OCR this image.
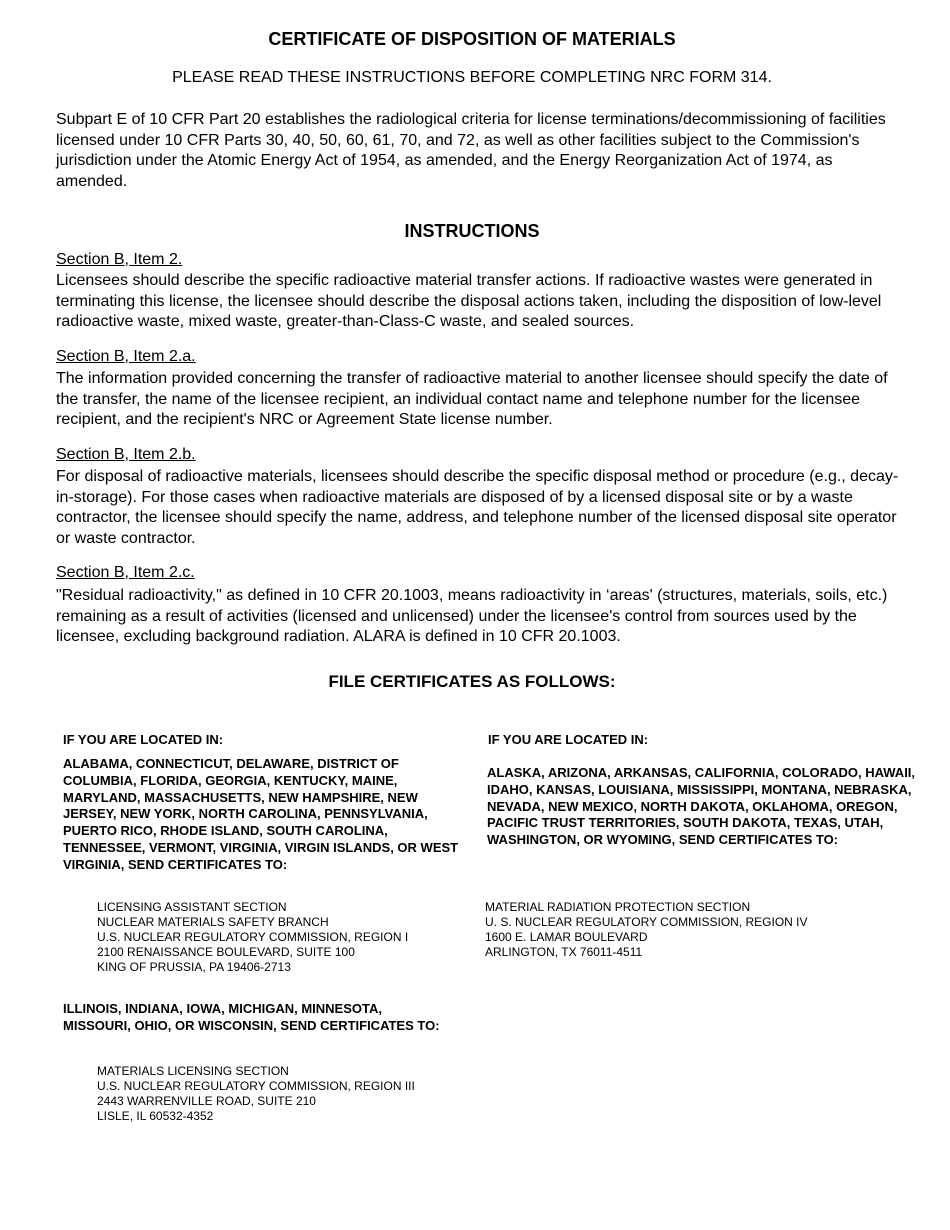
CERTIFICATE OF DISPOSITION OF MATERIALS
PLEASE READ THESE INSTRUCTIONS BEFORE COMPLETING NRC FORM 314.
Subpart E of 10 CFR Part 20 establishes the radiological criteria for license terminations/decommissioning of facilities licensed under 10 CFR Parts 30, 40, 50, 60, 61, 70, and 72, as well as other facilities subject to the Commission's jurisdiction under the Atomic Energy Act of 1954, as amended, and the Energy Reorganization Act of 1974, as amended.
INSTRUCTIONS
Section B, Item 2.
Licensees should describe the specific radioactive material transfer actions. If radioactive wastes were generated in terminating this license, the licensee should describe the disposal actions taken, including the disposition of low-level radioactive waste, mixed waste, greater-than-Class-C waste, and sealed sources.
Section B, Item 2.a.
The information provided concerning the transfer of radioactive material to another licensee should specify the date of the transfer, the name of the licensee recipient, an individual contact name and telephone number for the licensee recipient, and the recipient's NRC or Agreement State license number.
Section B, Item 2.b.
For disposal of radioactive materials, licensees should describe the specific disposal method or procedure (e.g., decay-in-storage). For those cases when radioactive materials are disposed of by a licensed disposal site or by a waste contractor, the licensee should specify the name, address, and telephone number of the licensed disposal site operator or waste contractor.
Section B, Item 2.c.
"Residual radioactivity," as defined in 10 CFR 20.1003, means radioactivity in ‘areas' (structures, materials, soils, etc.) remaining as a result of activities (licensed and unlicensed) under the licensee's control from sources used by the licensee, excluding background radiation. ALARA is defined in 10 CFR 20.1003.
FILE CERTIFICATES AS FOLLOWS:
IF YOU ARE LOCATED IN:
ALABAMA, CONNECTICUT, DELAWARE, DISTRICT OF COLUMBIA, FLORIDA, GEORGIA, KENTUCKY, MAINE, MARYLAND, MASSACHUSETTS, NEW HAMPSHIRE, NEW JERSEY, NEW YORK, NORTH CAROLINA, PENNSYLVANIA, PUERTO RICO, RHODE ISLAND, SOUTH CAROLINA, TENNESSEE, VERMONT, VIRGINIA, VIRGIN ISLANDS, OR WEST VIRGINIA, SEND CERTIFICATES TO:
LICENSING ASSISTANT SECTION
NUCLEAR MATERIALS SAFETY BRANCH
U.S. NUCLEAR REGULATORY COMMISSION, REGION I
2100 RENAISSANCE BOULEVARD, SUITE 100
KING OF PRUSSIA, PA 19406-2713
ILLINOIS, INDIANA, IOWA, MICHIGAN, MINNESOTA, MISSOURI, OHIO, OR WISCONSIN, SEND CERTIFICATES TO:
MATERIALS LICENSING SECTION
U.S. NUCLEAR REGULATORY COMMISSION, REGION III
2443 WARRENVILLE ROAD, SUITE 210
LISLE, IL 60532-4352
IF YOU ARE LOCATED IN:
ALASKA, ARIZONA, ARKANSAS, CALIFORNIA, COLORADO, HAWAII, IDAHO, KANSAS, LOUISIANA, MISSISSIPPI, MONTANA, NEBRASKA, NEVADA, NEW MEXICO, NORTH DAKOTA, OKLAHOMA, OREGON, PACIFIC TRUST TERRITORIES, SOUTH DAKOTA, TEXAS, UTAH, WASHINGTON, OR WYOMING, SEND CERTIFICATES TO:
MATERIAL RADIATION PROTECTION SECTION
U. S. NUCLEAR REGULATORY COMMISSION, REGION IV
1600 E. LAMAR BOULEVARD
ARLINGTON, TX 76011-4511
